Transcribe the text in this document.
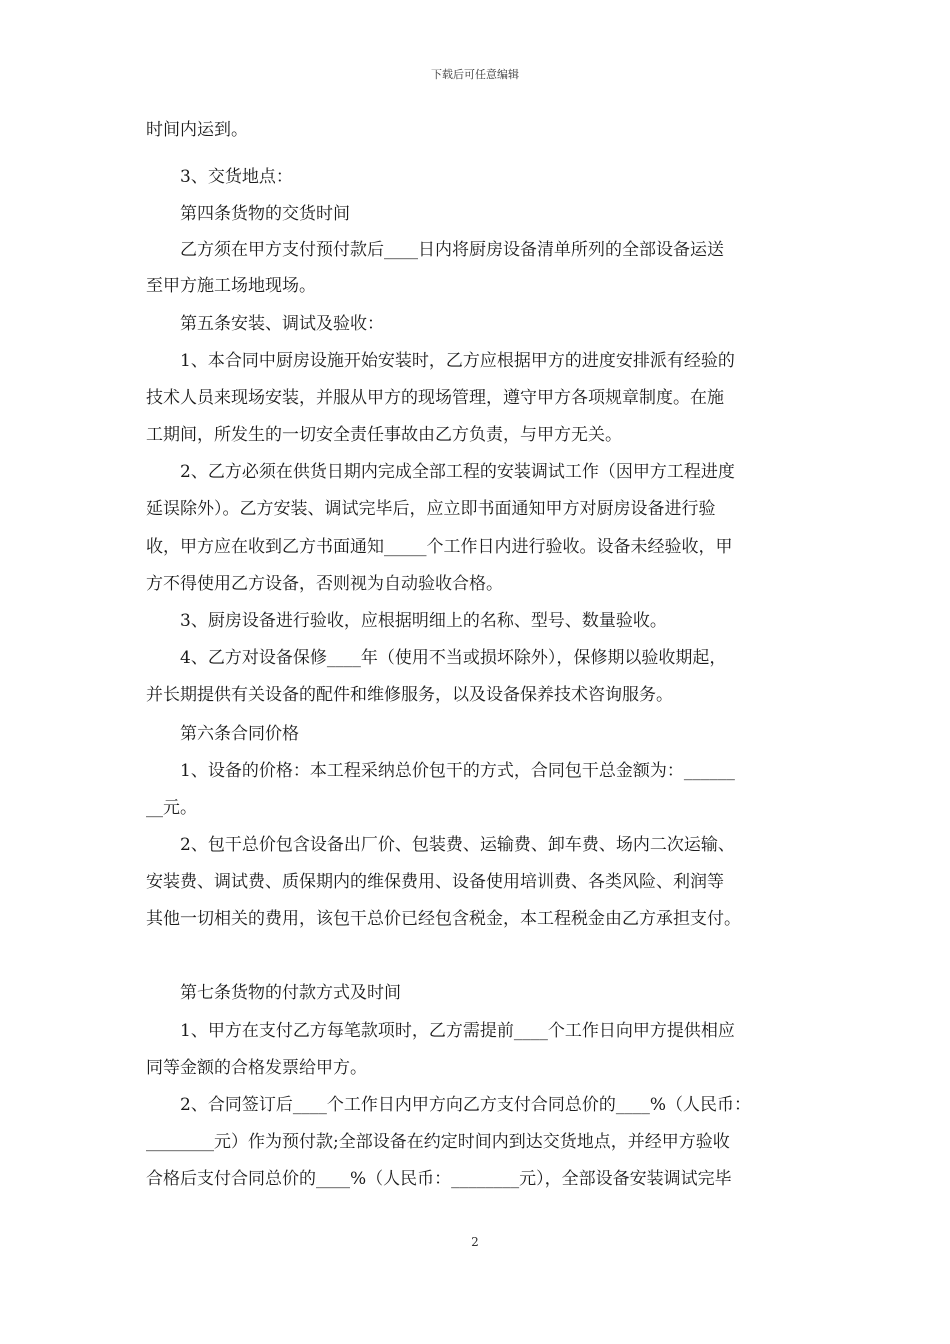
下载后可任意编辑
时间内运到。
3、交货地点：
第四条货物的交货时间
乙方须在甲方支付预付款后____日内将厨房设备清单所列的全部设备运送
至甲方施工场地现场。
第五条安装、调试及验收：
1、本合同中厨房设施开始安装时，乙方应根据甲方的进度安排派有经验的
技术人员来现场安装，并服从甲方的现场管理，遵守甲方各项规章制度。在施
工期间，所发生的一切安全责任事故由乙方负责，与甲方无关。
2、乙方必须在供货日期内完成全部工程的安装调试工作（因甲方工程进度
延误除外）。乙方安装、调试完毕后，应立即书面通知甲方对厨房设备进行验
收，甲方应在收到乙方书面通知_____个工作日内进行验收。设备未经验收，甲
方不得使用乙方设备，否则视为自动验收合格。
3、厨房设备进行验收，应根据明细上的名称、型号、数量验收。
4、乙方对设备保修____年（使用不当或损坏除外），保修期以验收期起，
并长期提供有关设备的配件和维修服务，以及设备保养技术咨询服务。
第六条合同价格
1、设备的价格：本工程采纳总价包干的方式，合同包干总金额为：______
__元。
2、包干总价包含设备出厂价、包装费、运输费、卸车费、场内二次运输、
安装费、调试费、质保期内的维保费用、设备使用培训费、各类风险、利润等
其他一切相关的费用，该包干总价已经包含税金，本工程税金由乙方承担支付。
第七条货物的付款方式及时间
1、甲方在支付乙方每笔款项时，乙方需提前____个工作日向甲方提供相应
同等金额的合格发票给甲方。
2、合同签订后____个工作日内甲方向乙方支付合同总价的____%（人民币：
________元）作为预付款;全部设备在约定时间内到达交货地点，并经甲方验收
合格后支付合同总价的____%（人民币：________元），全部设备安装调试完毕
2
